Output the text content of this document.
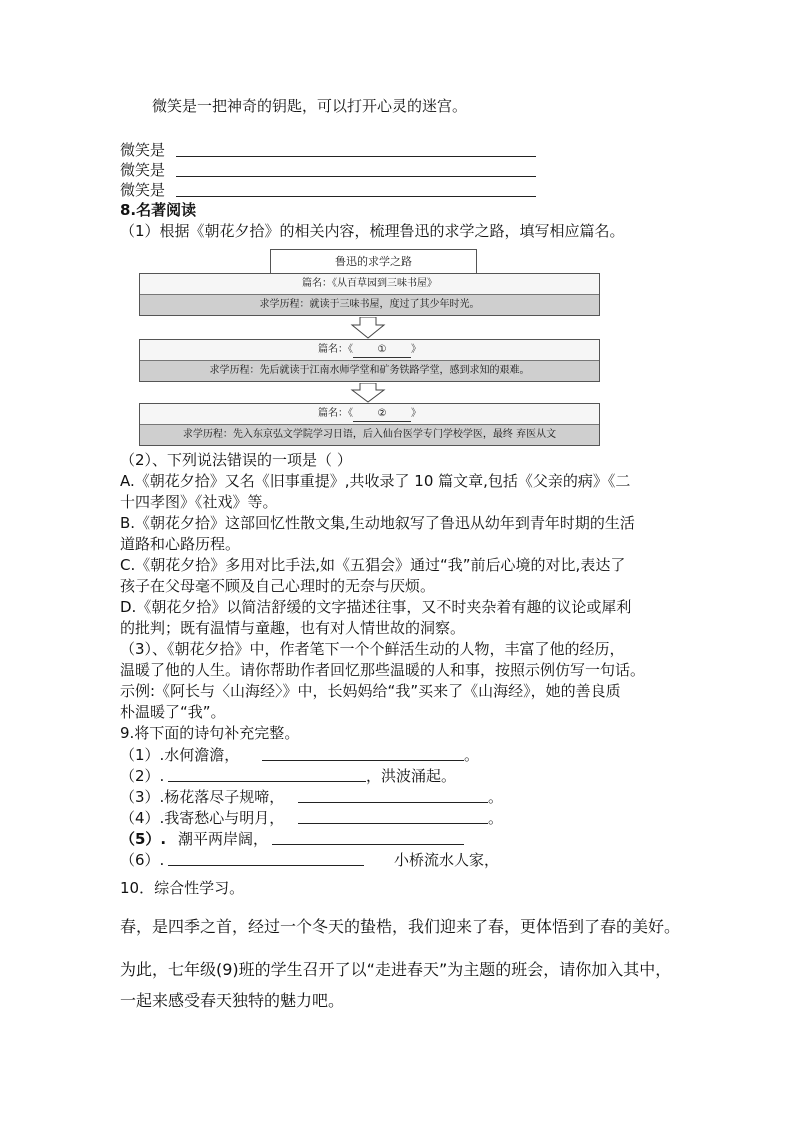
微笑是一把神奇的钥匙，可以打开心灵的迷宫。
微笑是
微笑是
微笑是
8.名著阅读
（1）根据《朝花夕拾》的相关内容，梳理鲁迅的求学之路，填写相应篇名。
鲁迅的求学之路
篇名：《从百草园到三味书屋》
求学历程：就读于三味书屋，度过了其少年时光。
篇名：《 ① 》
求学历程：先后就读于江南水师学堂和矿务铁路学堂，感到求知的艰难。
篇名：《 ② 》
求学历程：先入东京弘文学院学习日语，后入仙台医学专门学校学医，最终 弃医从文
（2）、下列说法错误的一项是（ ）
A.《朝花夕拾》又名《旧事重提》,共收录了 10 篇文章,包括《父亲的病》《二
十四孝图》《社戏》等。
B.《朝花夕拾》这部回忆性散文集,生动地叙写了鲁迅从幼年到青年时期的生活
道路和心路历程。
C.《朝花夕拾》多用对比手法,如《五猖会》通过“我”前后心境的对比,表达了
孩子在父母毫不顾及自己心理时的无奈与厌烦。
D.《朝花夕拾》以简洁舒缓的文字描述往事，又不时夹杂着有趣的议论或犀利
的批判；既有温情与童趣，也有对人情世故的洞察。
（3）、《朝花夕拾》中，作者笔下一个个鲜活生动的人物，丰富了他的经历，
温暖了他的人生。请你帮助作者回忆那些温暖的人和事，按照示例仿写一句话。
示例:《阿长与〈山海经〉》中，长妈妈给“我”买来了《山海经》，她的善良质
朴温暖了“我”。
9.将下面的诗句补充完整。
（1）.水何澹澹，	。
（2）.	，洪波涌起。
（3）.杨花落尽子规啼，	。
（4）.我寄愁心与明月，	。
（5）. 潮平两岸阔，
（6）.	小桥流水人家，
10．综合性学习。
春，是四季之首，经过一个冬天的蛰梏，我们迎来了春，更体悟到了春的美好。
为此，七年级(9)班的学生召开了以“走进春天”为主题的班会，请你加入其中，
一起来感受春天独特的魅力吧。
